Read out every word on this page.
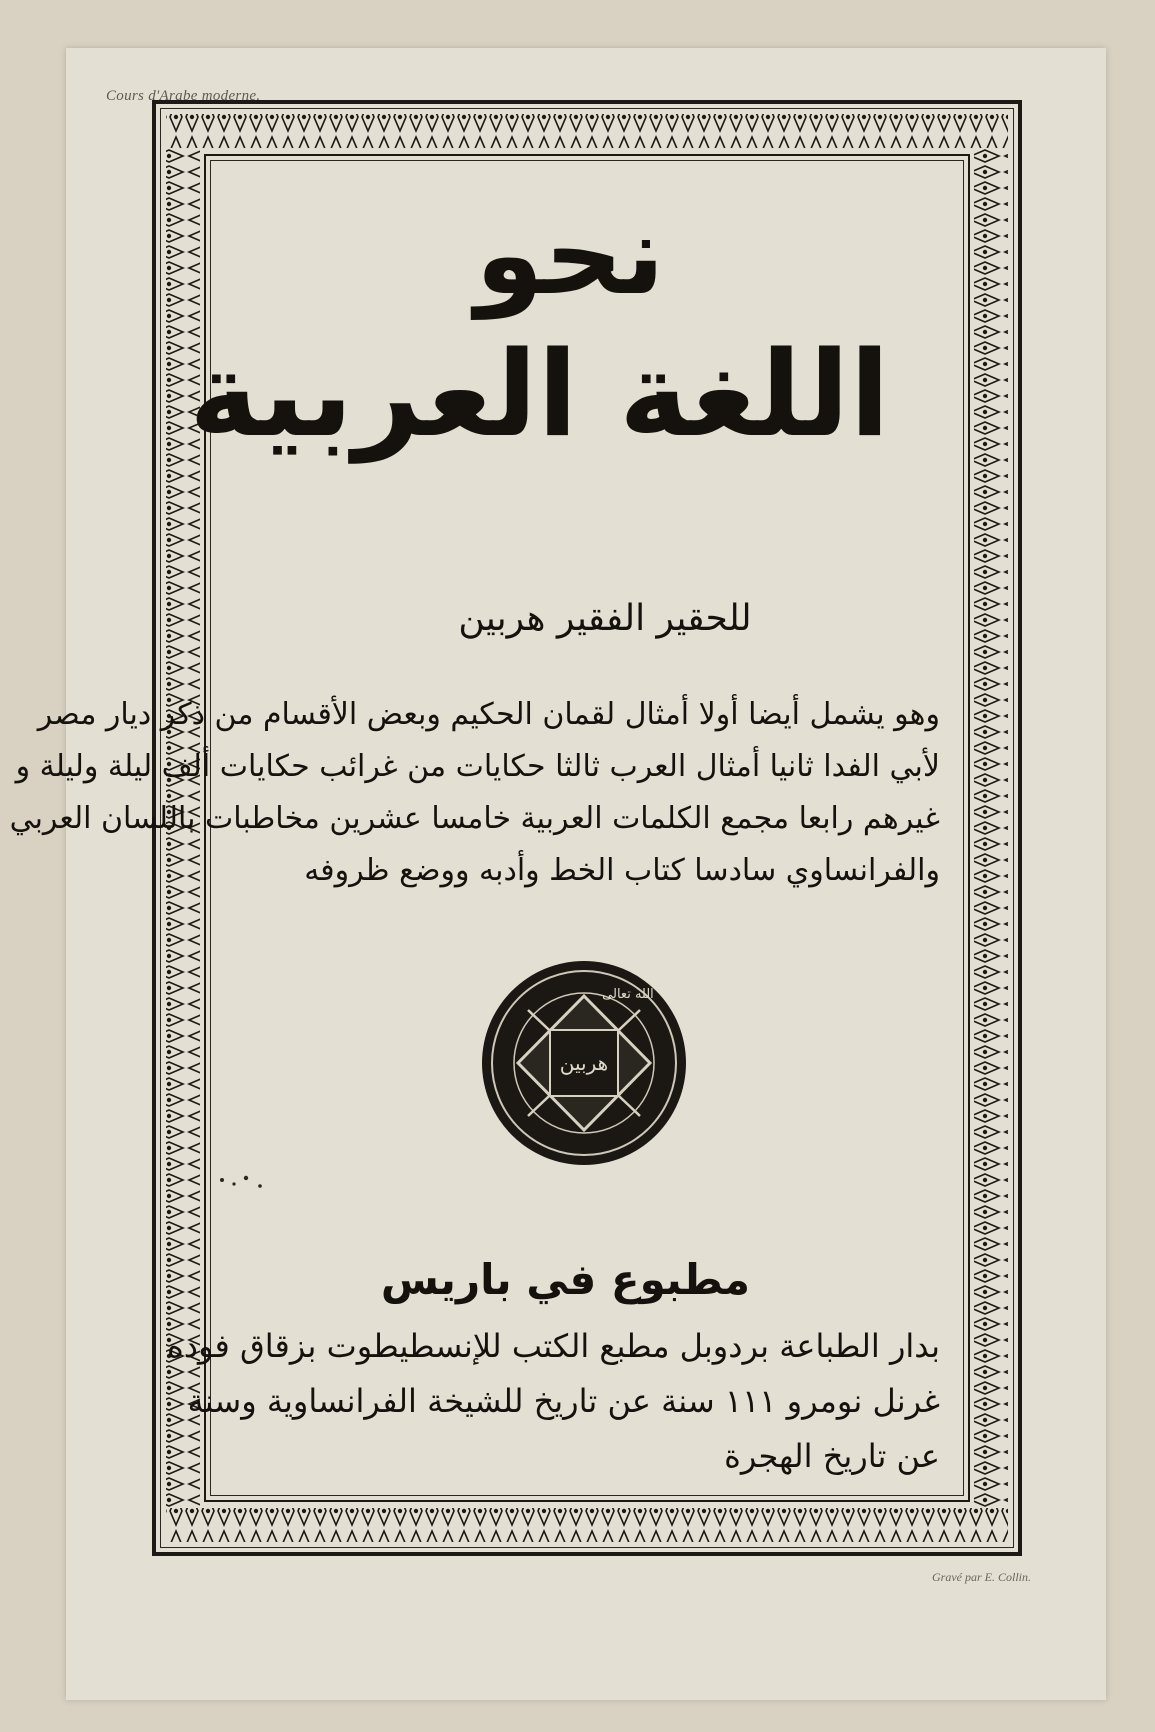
Cours d'Arabe moderne.
Gravé par E. Collin.
نحو
اللغة العربية
للحقير الفقير هربين
وهو يشمل أيضا أولا أمثال لقمان الحكيم وبعض الأقسام من ذكر ديار مصر
لأبي الفدا ثانيا أمثال العرب ثالثا حكايات من غرائب حكايات ألف ليلة وليلة و
غيرهم رابعا مجمع الكلمات العربية خامسا عشرين مخاطبات باللسان العربي
والفرانساوي سادسا كتاب الخط وأدبه ووضع ظروفه
هربين
الله تعالى
مطبوع في باريس
بدار الطباعة بردوبل مطبع الكتب للإنسطيطوت بزقاق فوده
غرنل نومرو ١١١ سنة عن تاريخ للشيخة الفرانساوية وسنة
عن تاريخ الهجرة
